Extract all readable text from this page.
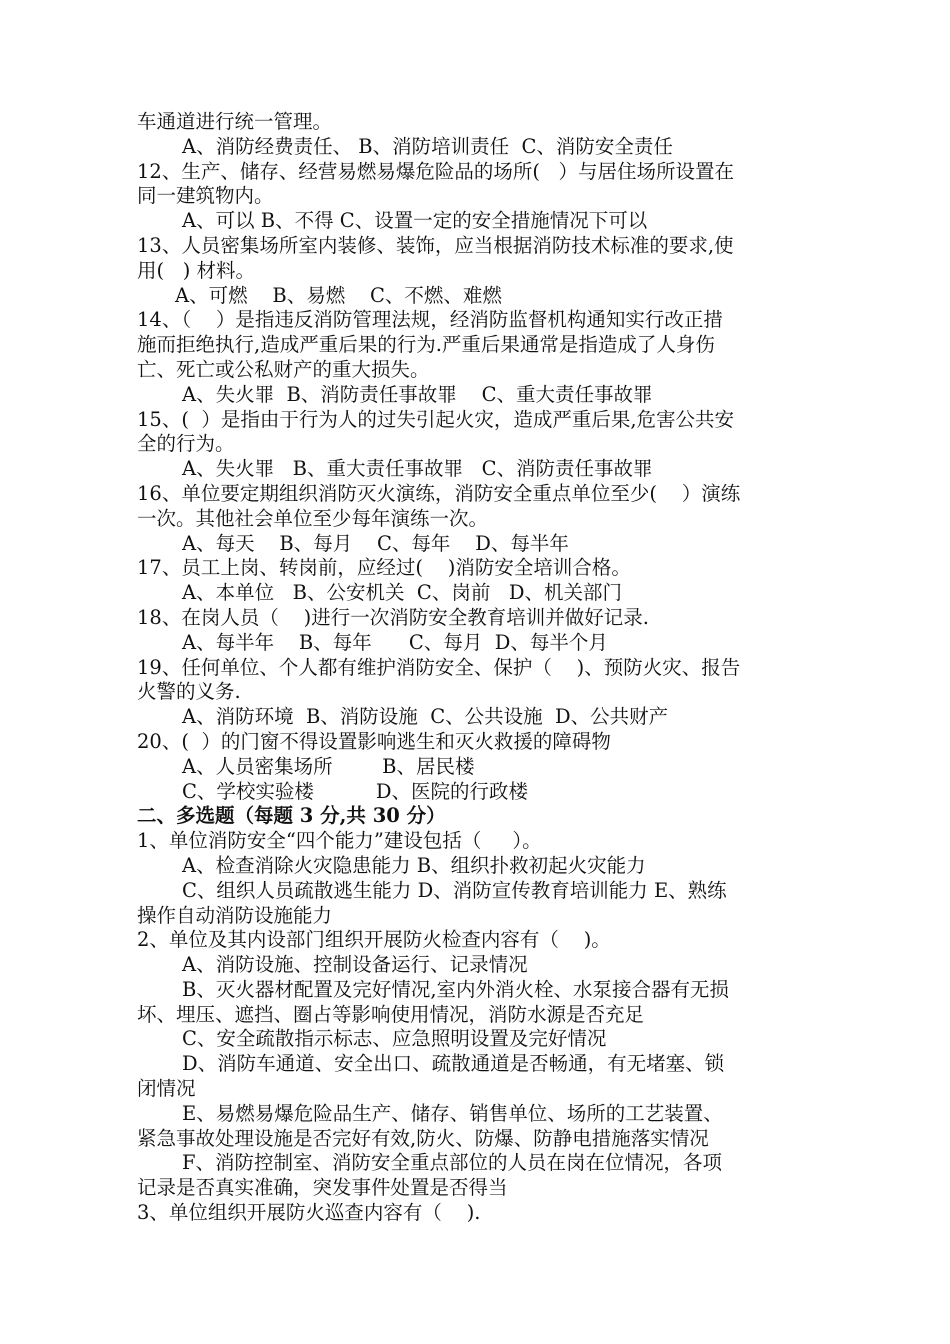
车通道进行统一管理。
A、消防经费责任、 B、消防培训责任  C、消防安全责任
12、生产、储存、经营易燃易爆危险品的场所(   ）与居住场所设置在
同一建筑物内。
A、可以 B、不得 C、设置一定的安全措施情况下可以
13、人员密集场所室内装修、装饰，应当根据消防技术标准的要求,使
用(   ) 材料。
A、可燃    B、易燃    C、不燃、难燃
14、（    ）是指违反消防管理法规，经消防监督机构通知实行改正措
施而拒绝执行,造成严重后果的行为.严重后果通常是指造成了人身伤
亡、死亡或公私财产的重大损失。
A、失火罪  B、消防责任事故罪    C、重大责任事故罪
15、(  ）是指由于行为人的过失引起火灾，造成严重后果,危害公共安
全的行为。
A、失火罪   B、重大责任事故罪   C、消防责任事故罪
16、单位要定期组织消防灭火演练，消防安全重点单位至少(    ）演练
一次。其他社会单位至少每年演练一次。
A、每天    B、每月    C、每年    D、每半年
17、员工上岗、转岗前，应经过(    )消防安全培训合格。
A、本单位   B、公安机关  C、岗前   D、机关部门
18、在岗人员（    )进行一次消防安全教育培训并做好记录.
A、每半年    B、每年      C、每月  D、每半个月
19、任何单位、个人都有维护消防安全、保护（    )、预防火灾、报告
火警的义务.
A、消防环境  B、消防设施  C、公共设施  D、公共财产
20、(  ）的门窗不得设置影响逃生和灭火救援的障碍物
A、人员密集场所        B、居民楼
C、学校实验楼          D、医院的行政楼
二、多选题（每题 3 分,共 30 分）
1、单位消防安全“四个能力”建设包括（     ）。
A、检查消除火灾隐患能力 B、组织扑救初起火灾能力
C、组织人员疏散逃生能力 D、消防宣传教育培训能力 E、熟练
操作自动消防设施能力
2、单位及其内设部门组织开展防火检查内容有（    )。
A、消防设施、控制设备运行、记录情况
B、灭火器材配置及完好情况,室内外消火栓、水泵接合器有无损
坏、埋压、遮挡、圈占等影响使用情况，消防水源是否充足
C、安全疏散指示标志、应急照明设置及完好情况
D、消防车通道、安全出口、疏散通道是否畅通，有无堵塞、锁
闭情况
E、易燃易爆危险品生产、储存、销售单位、场所的工艺装置、
紧急事故处理设施是否完好有效,防火、防爆、防静电措施落实情况
F、消防控制室、消防安全重点部位的人员在岗在位情况，各项
记录是否真实准确，突发事件处置是否得当
3、单位组织开展防火巡查内容有（    ).
